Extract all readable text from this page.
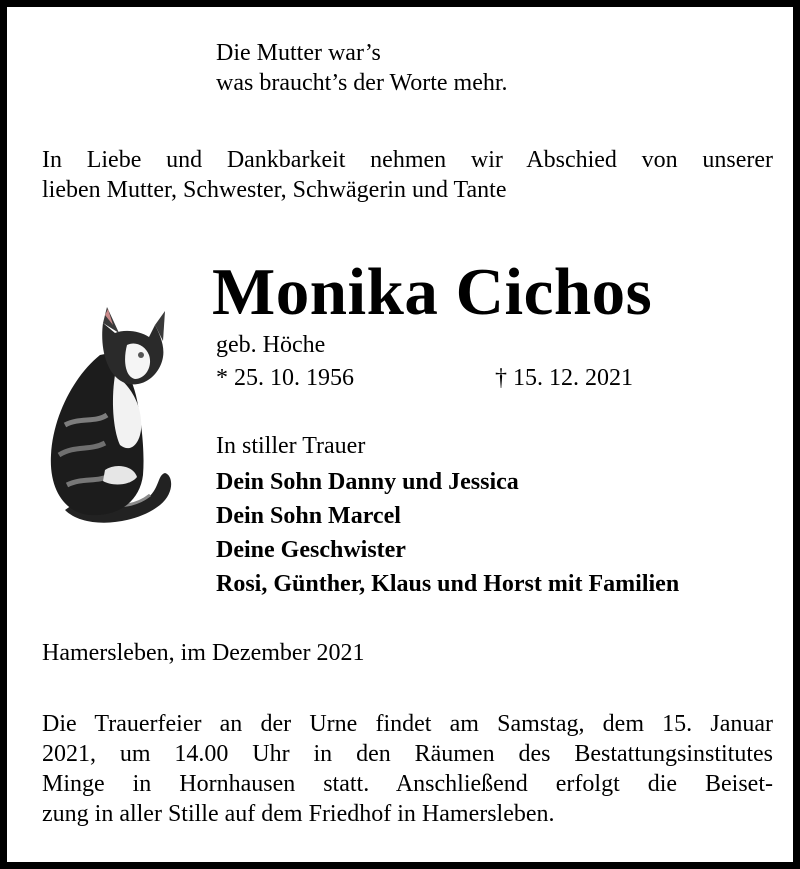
Die Mutter war’s
was braucht’s der Worte mehr.
In Liebe und Dankbarkeit nehmen wir Abschied von unserer
lieben Mutter, Schwester, Schwägerin und Tante
Monika Cichos

geb. Höche

* 25. 10. 1956	† 15. 12. 2021

In stiller Trauer

Dein Sohn Danny und Jessica
Dein Sohn Marcel
Deine Geschwister
Rosi, Günther, Klaus und Horst mit Familien

Hamersleben, im Dezember 2021

Die Trauerfeier an der Urne findet am Samstag, dem 15. Januar
2021, um 14.00 Uhr in den Räumen des Bestattungsinstitutes
Minge in Hornhausen statt. Anschließend erfolgt die Beiset-
zung in aller Stille auf dem Friedhof in Hamersleben.
